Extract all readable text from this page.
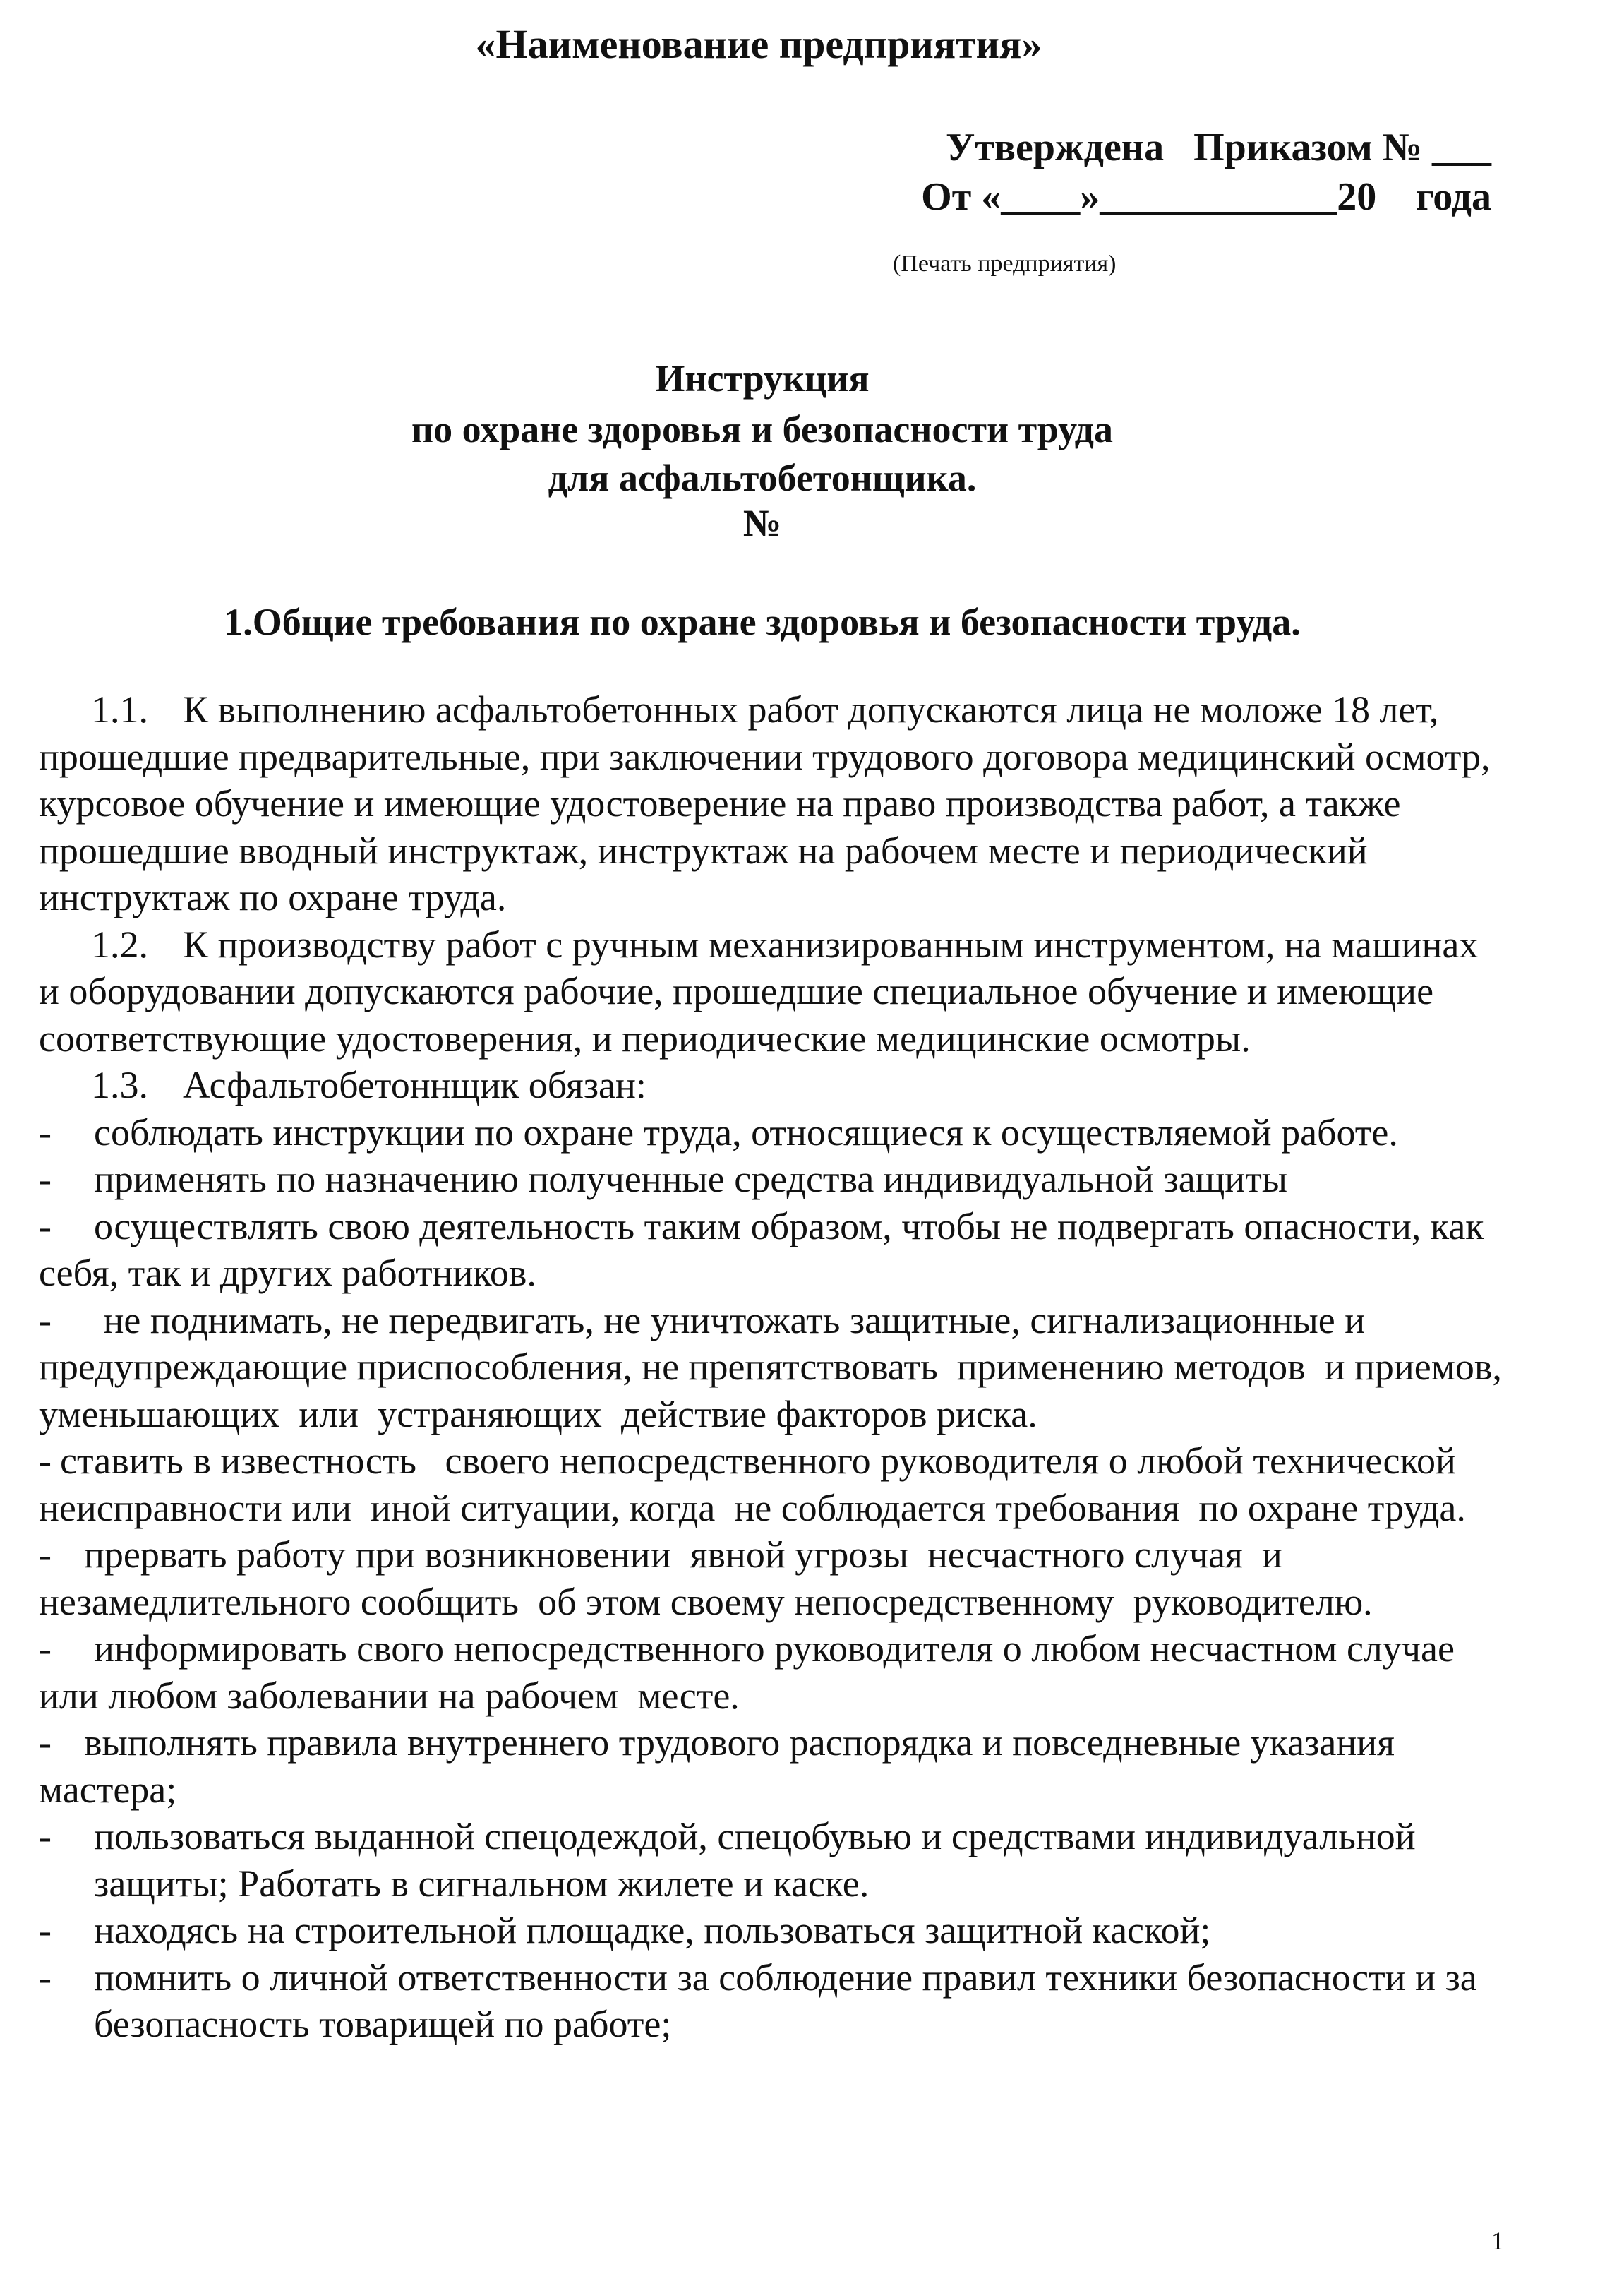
«Наименование предприятия»
Утверждена   Приказом № ___
От «____»____________20    года
(Печать предприятия)
Инструкция
по охране здоровья и безопасности труда
для асфальтобетонщика.
№
1.Общие требования по охране здоровья и безопасности труда.

1.1. К выполнению асфальтобетонных работ допускаются лица не моложе 18 лет, прошедшие предварительные, при заключении трудового договора медицинский осмотр, курсовое обучение и имеющие удостоверение на право производства работ, а также прошедшие вводный инструктаж, инструктаж на рабочем месте и периодический инструктаж по охране труда.

1.2. К производству работ с ручным механизированным инструментом, на машинах и оборудовании допускаются рабочие, прошедшие специальное обучение и имеющие соответствующие удостоверения, и периодические медицинские осмотры.

1.3. Асфальтобетоннщик обязан:

- соблюдать инструкции по охране труда, относящиеся к осуществляемой работе.

- применять по назначению полученные средства индивидуальной защиты

- осуществлять свою деятельность таким образом, чтобы не подвергать опасности, как себя, так и других работников.

- не поднимать, не передвигать, не уничтожать защитные, сигнализационные и предупреждающие приспособления, не препятствовать  применению методов  и приемов, уменьшающих  или  устраняющих  действие факторов риска.

- ставить в известность   своего непосредственного руководителя о любой технической  неисправности или  иной ситуации, когда  не соблюдается требования  по охране труда.

- прервать работу при возникновении  явной угрозы  несчастного случая  и незамедлительного сообщить  об этом своему непосредственному  руководителю.

- информировать свого непосредственного руководителя о любом несчастном случае  или любом заболевании на рабочем  месте.

- выполнять правила внутреннего трудового распорядка и повседневные указания мастера;

- пользоваться выданной спецодеждой, спецобувью и средствами индивидуальной защиты; Работать в сигнальном жилете и каске.

- находясь на строительной площадке, пользоваться защитной каской;

- помнить о личной ответственности за соблюдение правил техники безопасности и за безопасность товарищей по работе;

1
